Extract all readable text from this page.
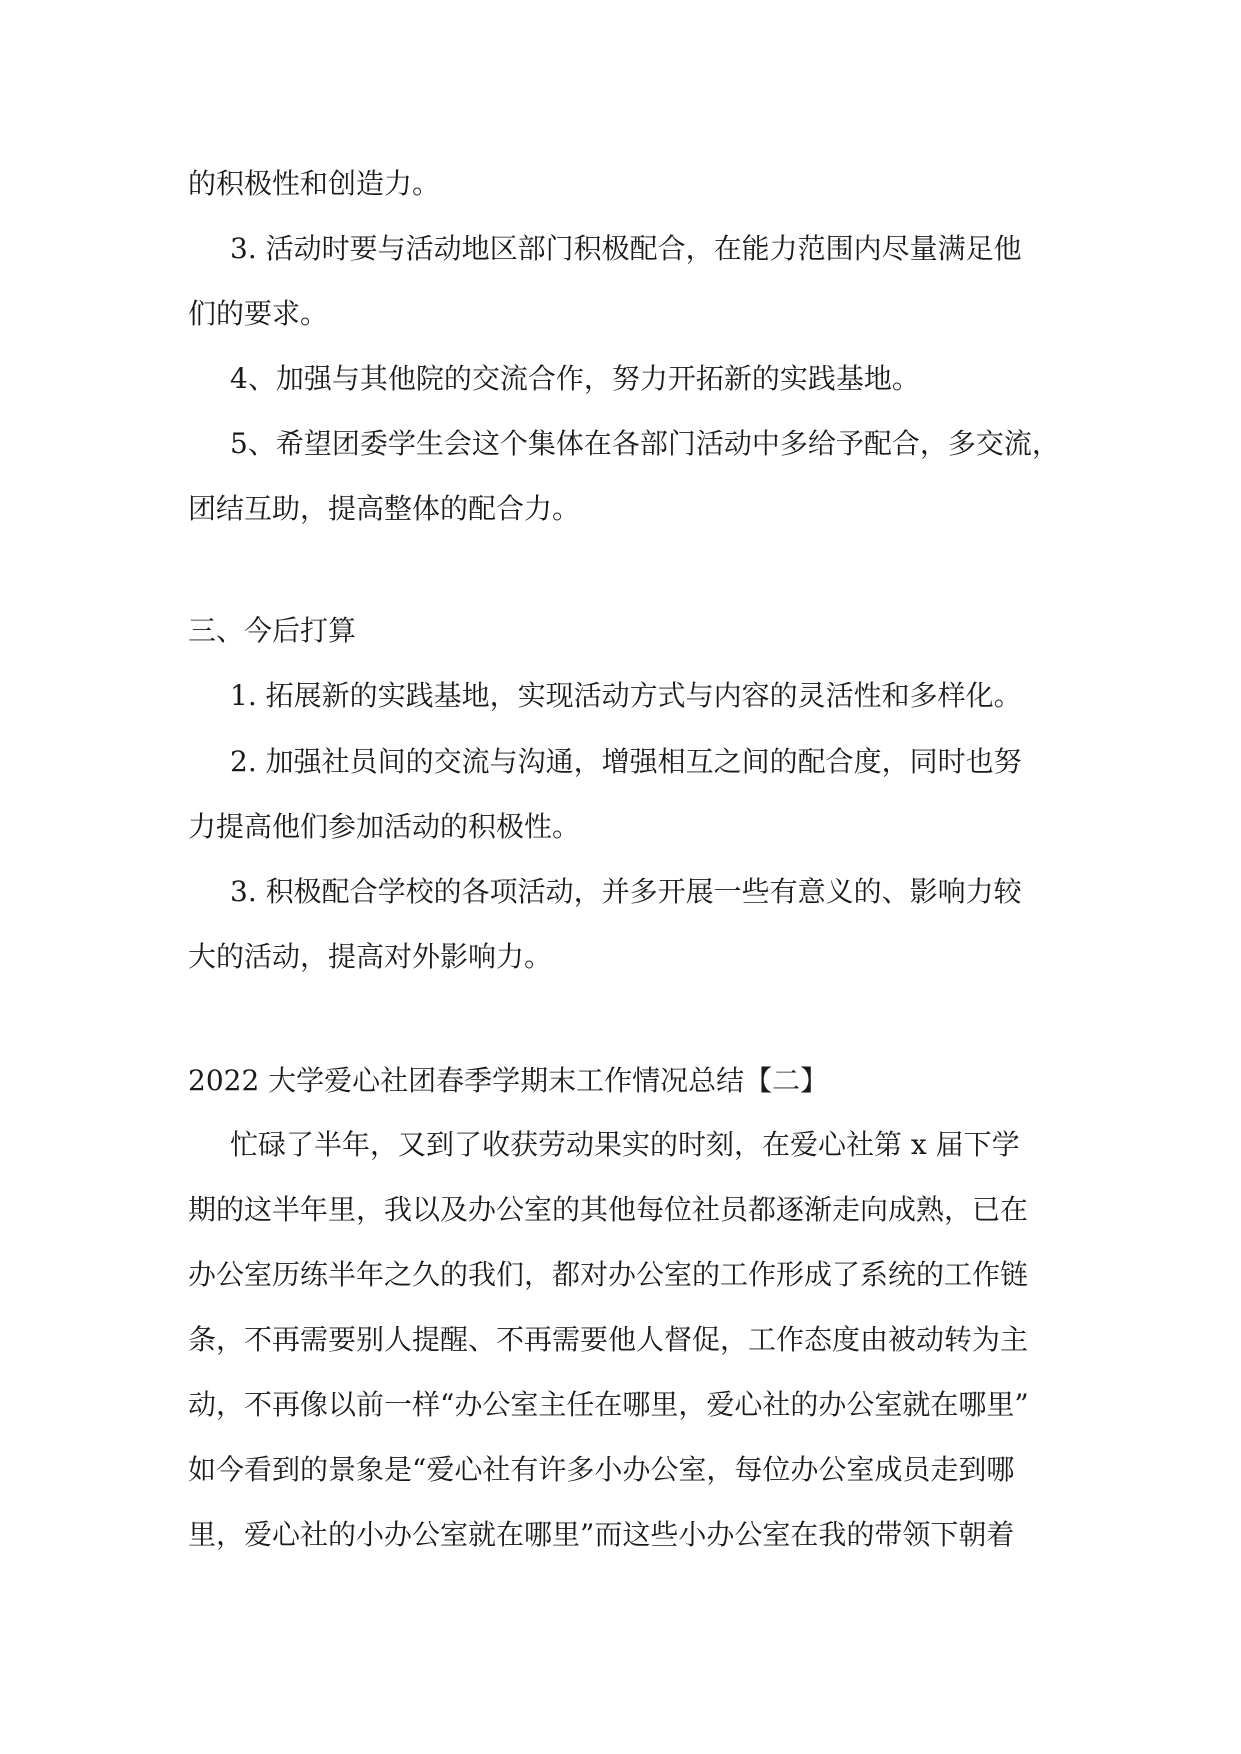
的积极性和创造力。
3. 活动时要与活动地区部门积极配合，在能力范围内尽量满足他
们的要求。
4、加强与其他院的交流合作，努力开拓新的实践基地。
5、希望团委学生会这个集体在各部门活动中多给予配合，多交流，
团结互助，提高整体的配合力。
三、今后打算
1. 拓展新的实践基地，实现活动方式与内容的灵活性和多样化。
2. 加强社员间的交流与沟通，增强相互之间的配合度，同时也努
力提高他们参加活动的积极性。
3. 积极配合学校的各项活动，并多开展一些有意义的、影响力较
大的活动，提高对外影响力。
2022 大学爱心社团春季学期末工作情况总结【二】
忙碌了半年，又到了收获劳动果实的时刻，在爱心社第 x 届下学
期的这半年里，我以及办公室的其他每位社员都逐渐走向成熟，已在
办公室历练半年之久的我们，都对办公室的工作形成了系统的工作链
条，不再需要别人提醒、不再需要他人督促，工作态度由被动转为主
动，不再像以前一样“办公室主任在哪里，爱心社的办公室就在哪里”
如今看到的景象是“爱心社有许多小办公室，每位办公室成员走到哪
里，爱心社的小办公室就在哪里”而这些小办公室在我的带领下朝着
